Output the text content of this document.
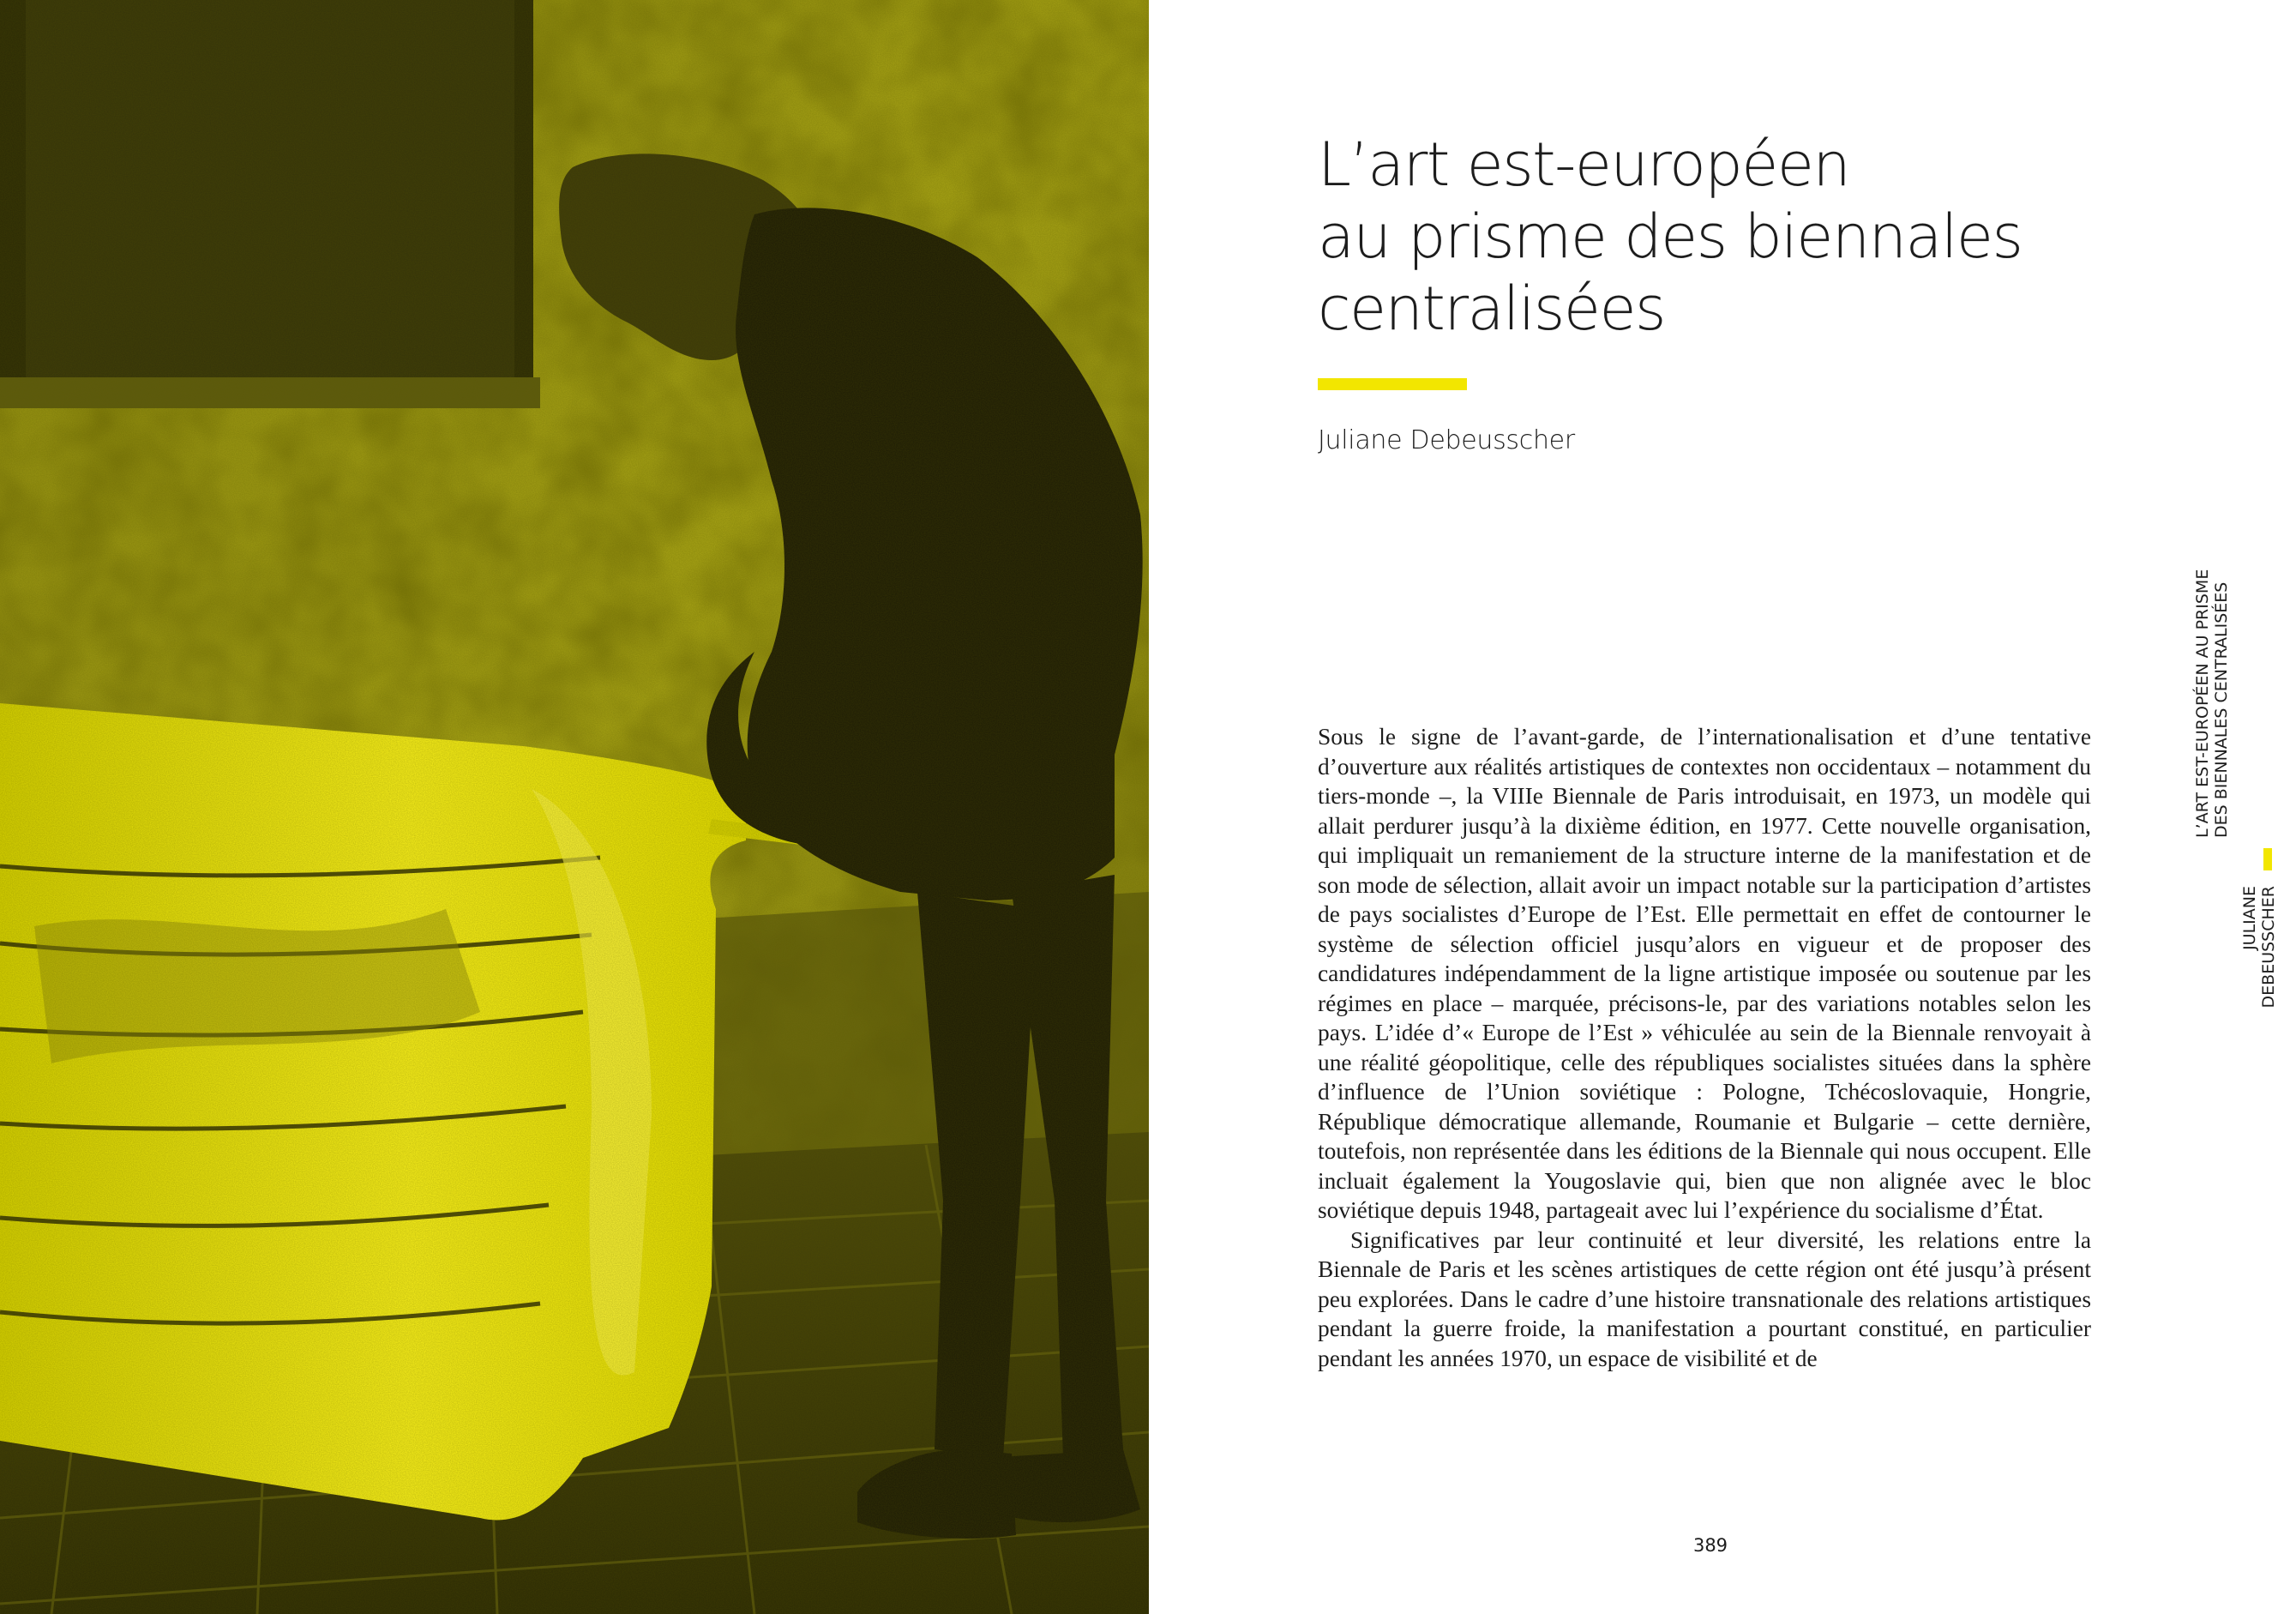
L’art est-européen
au prisme des biennales
centralisées
Juliane Debeusscher

Sous le signe de l’avant-garde, de l’internationalisation et d’une tentative d’ouverture aux réalités artistiques de contextes non occidentaux – notamment du tiers-monde –, la VIIIe Biennale de Paris introduisait, en 1973, un modèle qui allait perdurer jusqu’à la dixième édition, en 1977. Cette nouvelle organisation, qui impliquait un remaniement de la structure interne de la manifestation et de son mode de sélection, allait avoir un impact notable sur la participation d’artistes de pays socialistes d’Europe de l’Est. Elle permettait en effet de contourner le système de sélection officiel jusqu’alors en vigueur et de proposer des candidatures indépendamment de la ligne artistique imposée ou soutenue par les régimes en place – marquée, précisons-le, par des variations notables selon les pays. L’idée d’« Europe de l’Est » véhiculée au sein de la Biennale renvoyait à une réalité géopolitique, celle des républiques socialistes situées dans la sphère d’influence de l’Union soviétique : Pologne, Tchécoslovaquie, Hongrie, République démocratique allemande, Roumanie et Bulgarie – cette dernière, toutefois, non représentée dans les éditions de la Biennale qui nous occupent. Elle incluait également la Yougoslavie qui, bien que non alignée avec le bloc soviétique depuis 1948, partageait avec lui l’expérience du socialisme d’État.

Significatives par leur continuité et leur diversité, les relations entre la Biennale de Paris et les scènes artistiques de cette région ont été jusqu’à présent peu explorées. Dans le cadre d’une histoire transnationale des relations artistiques pendant la guerre froide, la manifestation a pourtant constitué, en particulier pendant les années 1970, un espace de visibilité et de

389
JULIANE DEBEUSSCHER
L’ART EST-EUROPÉEN AU PRISME DES BIENNALES CENTRALISÉES
